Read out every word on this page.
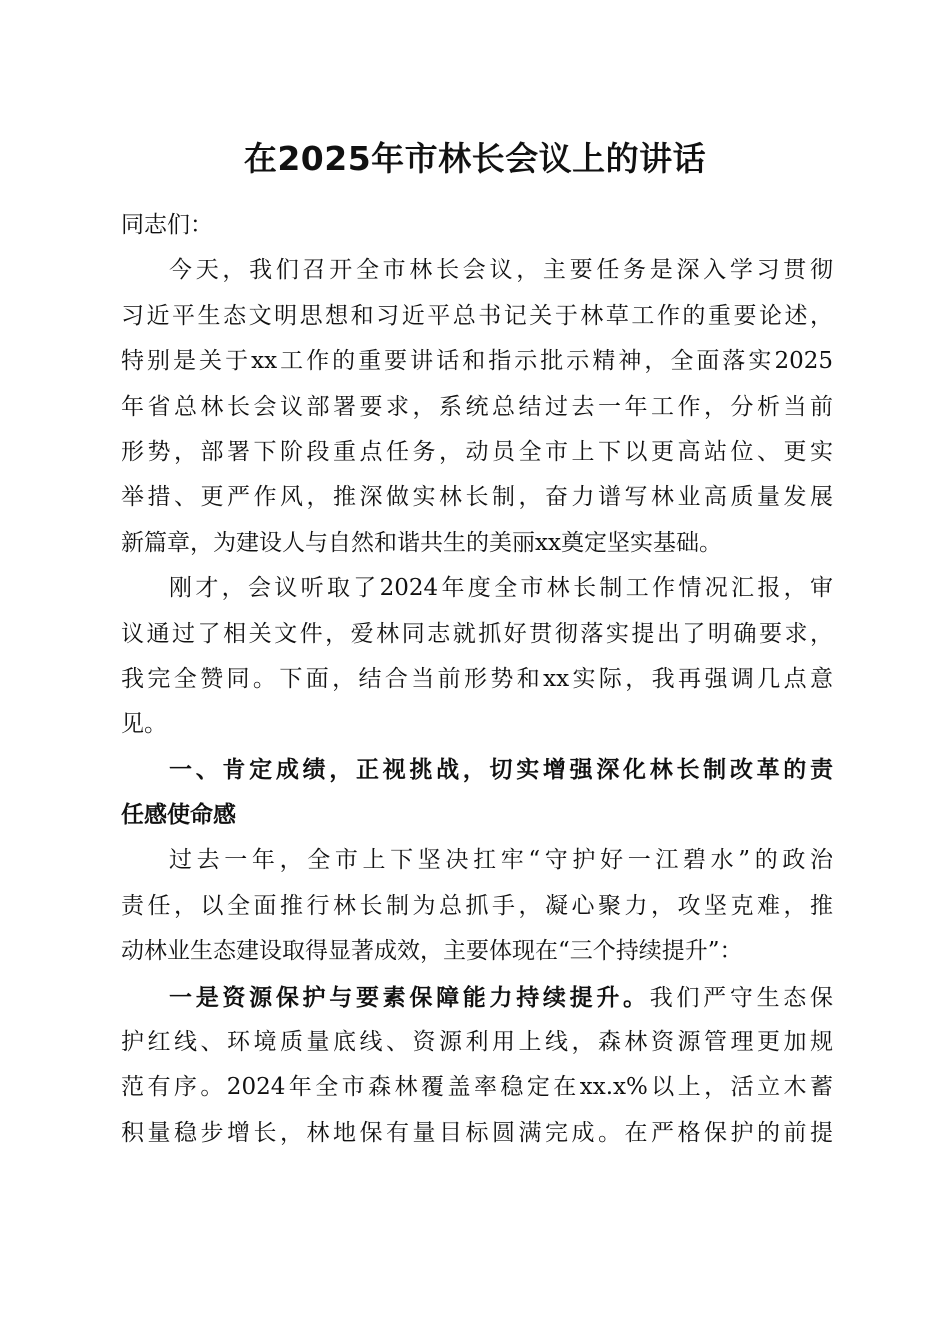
在2025年市林长会议上的讲话
同志们：
今天，我们召开全市林长会议，主要任务是深入学习贯彻
习近平生态文明思想和习近平总书记关于林草工作的重要论述，
特别是关于xx工作的重要讲话和指示批示精神，全面落实2025
年省总林长会议部署要求，系统总结过去一年工作，分析当前
形势，部署下阶段重点任务，动员全市上下以更高站位、更实
举措、更严作风，推深做实林长制，奋力谱写林业高质量发展
新篇章，为建设人与自然和谐共生的美丽xx奠定坚实基础。
刚才，会议听取了2024年度全市林长制工作情况汇报，审
议通过了相关文件，爱林同志就抓好贯彻落实提出了明确要求，
我完全赞同。下面，结合当前形势和xx实际，我再强调几点意
见。
一、肯定成绩，正视挑战，切实增强深化林长制改革的责
任感使命感
过去一年，全市上下坚决扛牢“守护好一江碧水”的政治
责任，以全面推行林长制为总抓手，凝心聚力，攻坚克难，推
动林业生态建设取得显著成效，主要体现在“三个持续提升”：
一是资源保护与要素保障能力持续提升。我们严守生态保
护红线、环境质量底线、资源利用上线，森林资源管理更加规
范有序。2024年全市森林覆盖率稳定在xx.x%以上，活立木蓄
积量稳步增长，林地保有量目标圆满完成。在严格保护的前提
